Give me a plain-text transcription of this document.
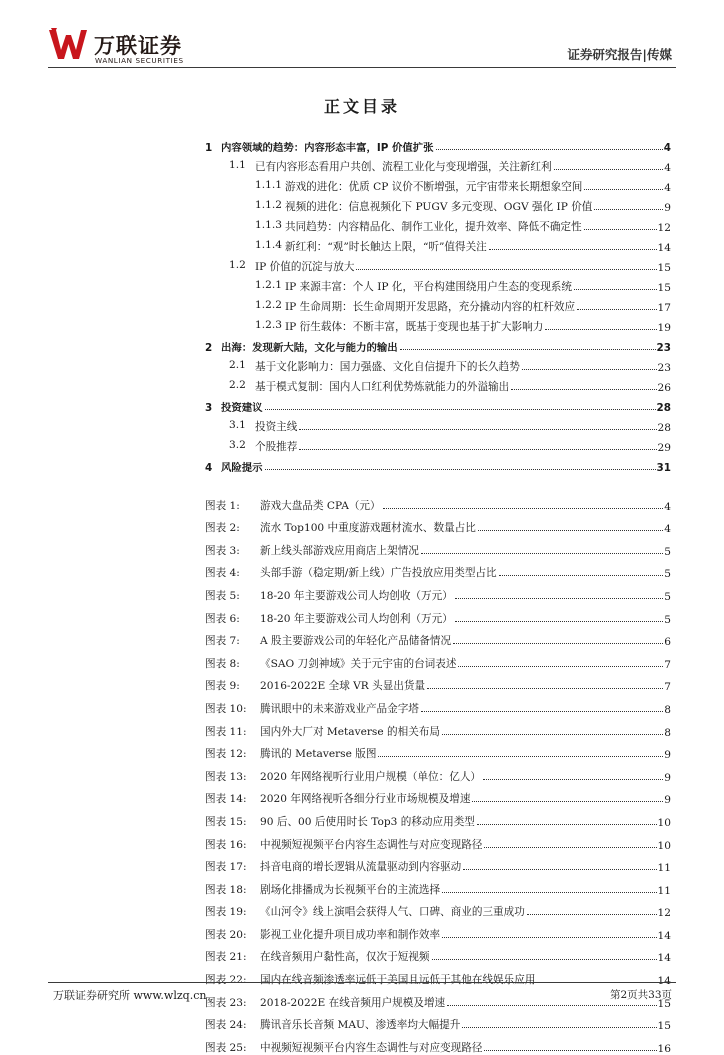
万联证券
WANLIAN SECURITIES	证券研究报告|传媒
正文目录
1 内容领域的趋势：内容形态丰富，IP 价值扩张	4
1.1 已有内容形态看用户共创、流程工业化与变现增强，关注新红利	4
1.1.1 游戏的进化：优质 CP 议价不断增强，元宇宙带来长期想象空间	4
1.1.2 视频的进化：信息视频化下 PUGV 多元变现、OGV 强化 IP 价值	9
1.1.3 共同趋势：内容精品化、制作工业化，提升效率、降低不确定性	12
1.1.4 新红利：“观”时长触达上限，“听”值得关注	14
1.2 IP 价值的沉淀与放大	15
1.2.1 IP 来源丰富：个人 IP 化，平台构建围绕用户生态的变现系统	15
1.2.2 IP 生命周期：长生命周期开发思路，充分撬动内容的杠杆效应	17
1.2.3 IP 衍生载体：不断丰富，既基于变现也基于扩大影响力	19
2 出海：发现新大陆，文化与能力的输出	23
2.1 基于文化影响力：国力强盛、文化自信提升下的长久趋势	23
2.2 基于模式复制：国内人口红利优势炼就能力的外溢输出	26
3 投资建议	28
3.1 投资主线	28
3.2 个股推荐	29
4 风险提示	31
图表 1:	游戏大盘品类 CPA（元）	4
图表 2:	流水 Top100 中重度游戏题材流水、数量占比	4
图表 3:	新上线头部游戏应用商店上架情况	5
图表 4:	头部手游（稳定期/新上线）广告投放应用类型占比	5
图表 5:	18-20 年主要游戏公司人均创收（万元）	5
图表 6:	18-20 年主要游戏公司人均创利（万元）	5
图表 7:	A 股主要游戏公司的年轻化产品储备情况	6
图表 8:	《SAO 刀剑神域》关于元宇宙的台词表述	7
图表 9:	2016-2022E 全球 VR 头显出货量	7
图表 10:	腾讯眼中的未来游戏业产品金字塔	8
图表 11:	国内外大厂对 Metaverse 的相关布局	8
图表 12:	腾讯的 Metaverse 版图	9
图表 13:	2020 年网络视听行业用户规模（单位：亿人）	9
图表 14:	2020 年网络视听各细分行业市场规模及增速	9
图表 15:	90 后、00 后使用时长 Top3 的移动应用类型	10
图表 16:	中视频短视频平台内容生态调性与对应变现路径	10
图表 17:	抖音电商的增长逻辑从流量驱动到内容驱动	11
图表 18:	剧场化排播成为长视频平台的主流选择	11
图表 19:	《山河令》线上演唱会获得人气、口碑、商业的三重成功	12
图表 20:	影视工业化提升项目成功率和制作效率	14
图表 21:	在线音频用户黏性高，仅次于短视频	14
图表 22:	国内在线音频渗透率远低于美国且远低于其他在线娱乐应用	14
图表 23:	2018-2022E 在线音频用户规模及增速	15
图表 24:	腾讯音乐长音频 MAU、渗透率均大幅提升	15
图表 25:	中视频短视频平台内容生态调性与对应变现路径	16
万联证券研究所 www.wlzq.cn	第2页共33页
